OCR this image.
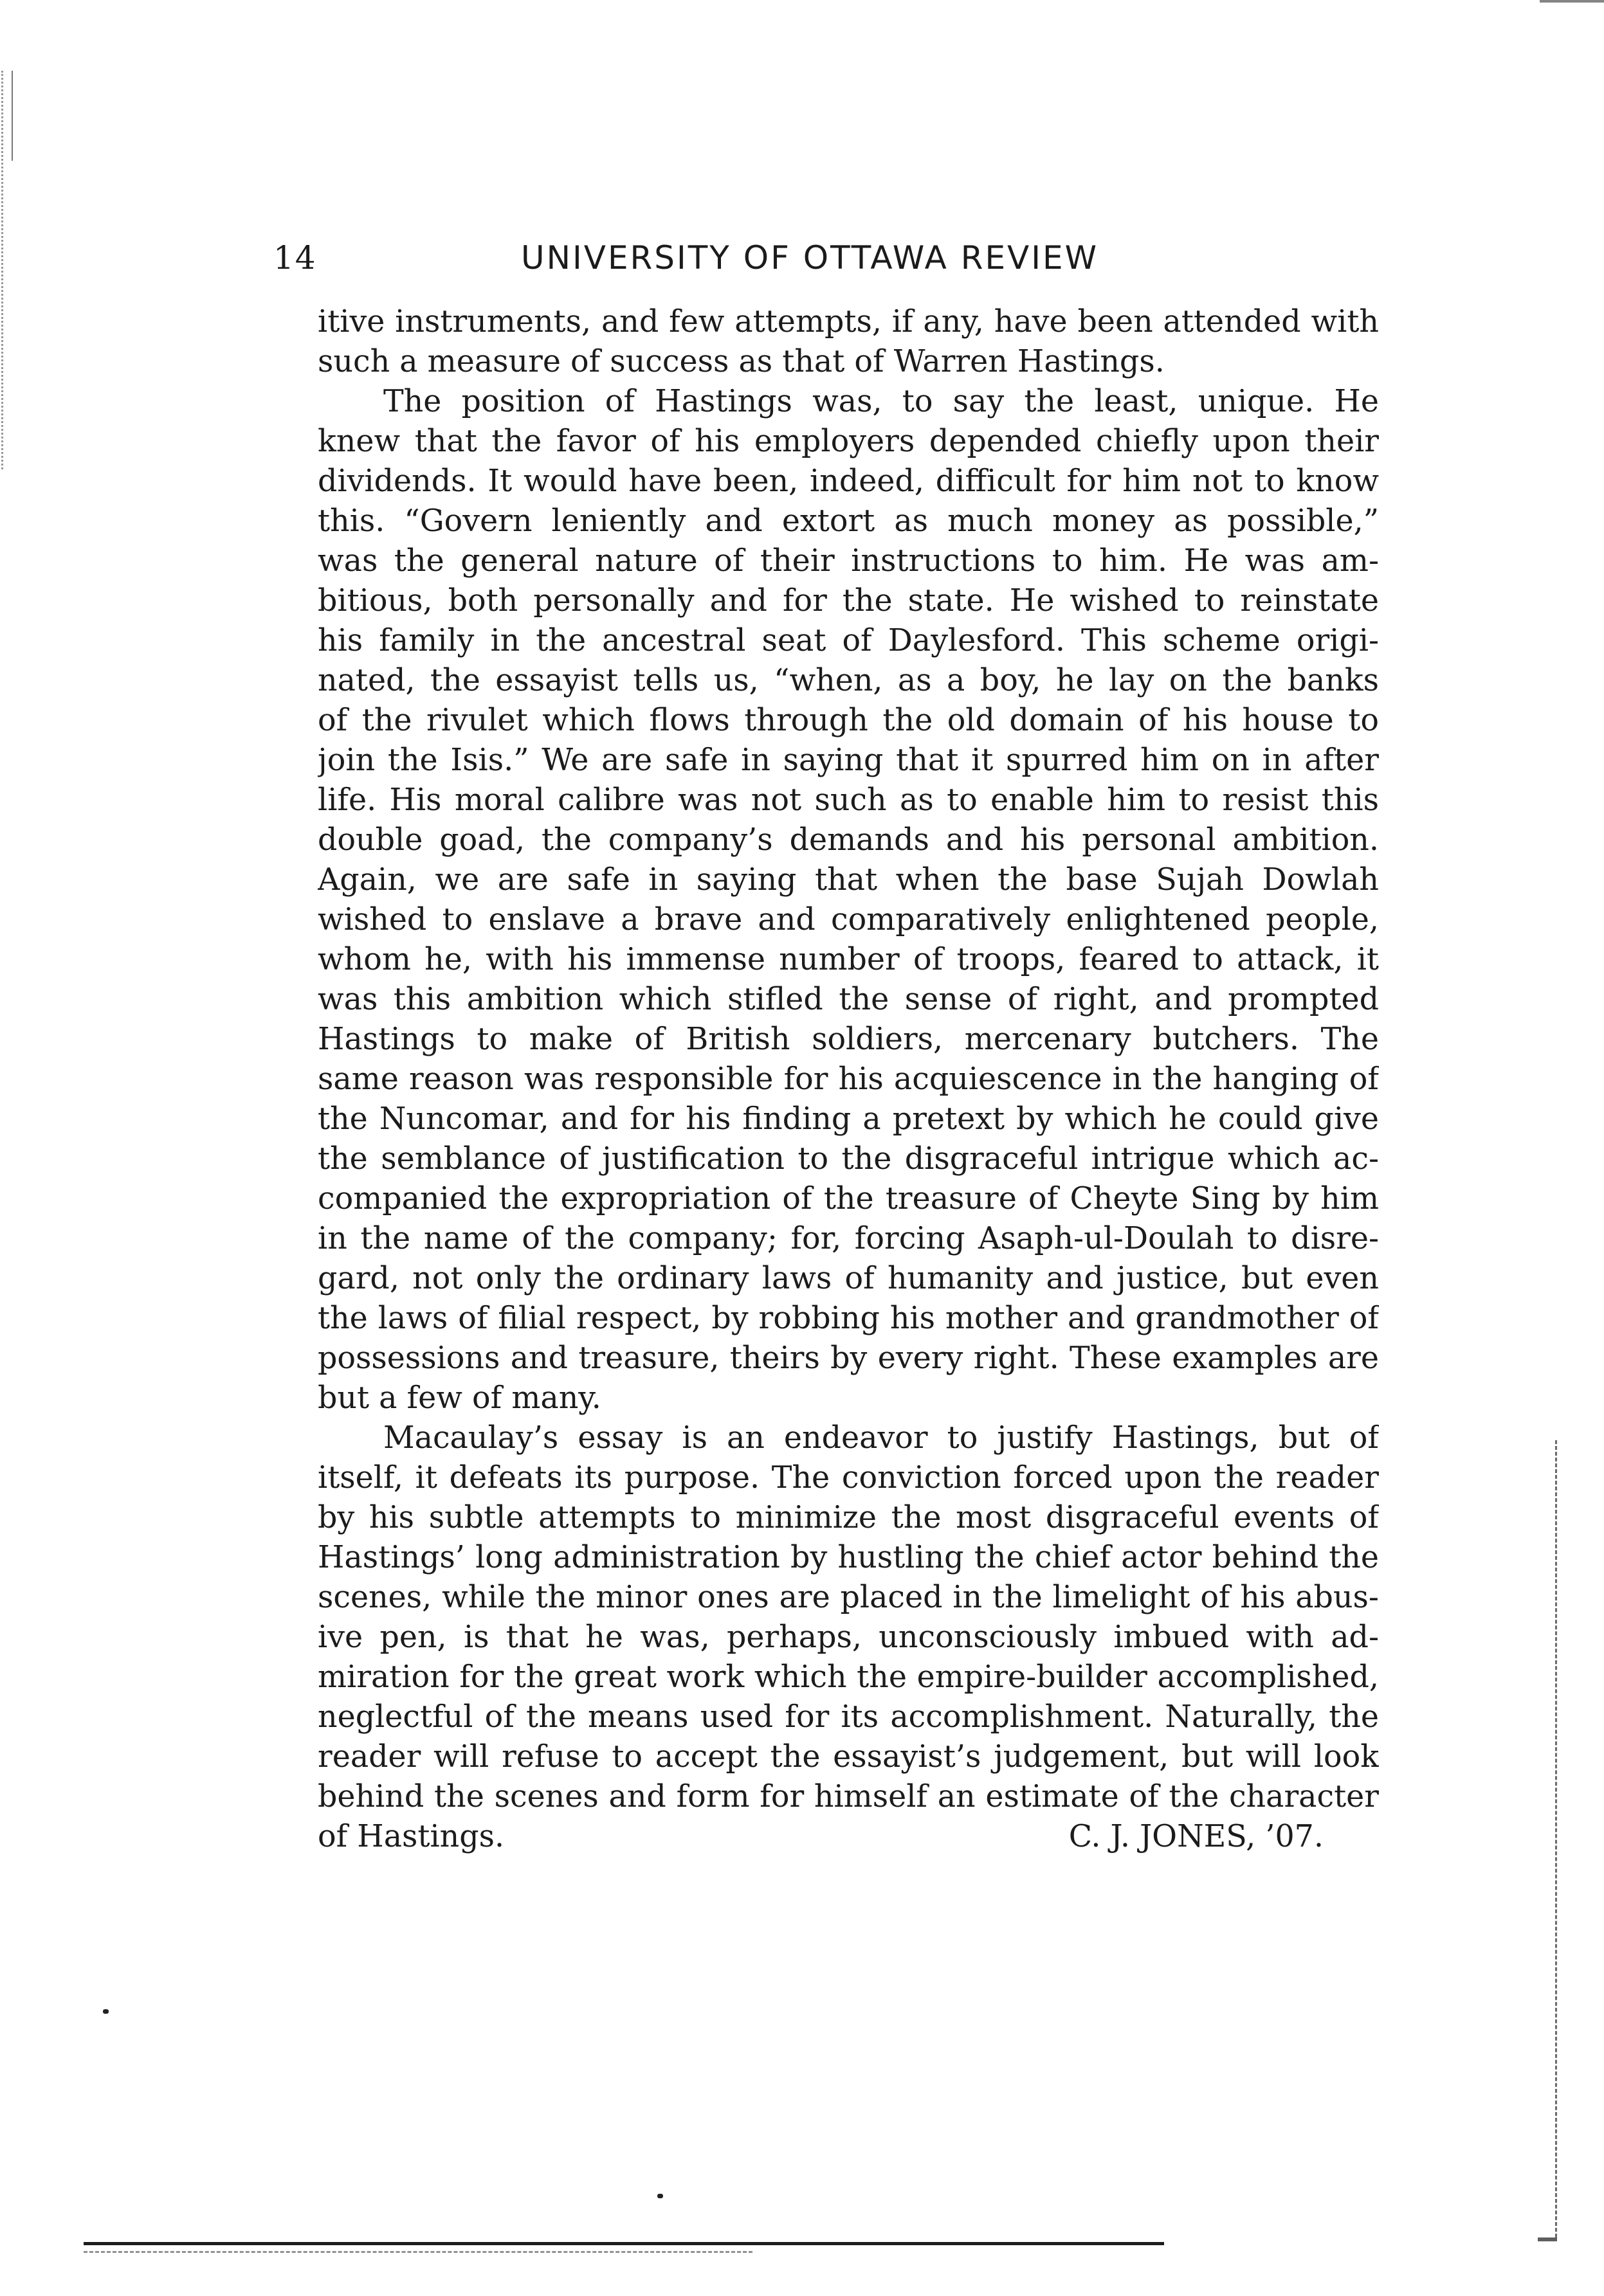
14	UNIVERSITY OF OTTAWA REVIEW
itive instruments, and few attempts, if any, have been attended with
such a measure of success as that of Warren Hastings.
The position of Hastings was, to say the least, unique. He
knew that the favor of his employers depended chiefly upon their
dividends. It would have been, indeed, difficult for him not to know
this. “Govern leniently and extort as much money as possible,”
was the general nature of their instructions to him. He was am-
bitious, both personally and for the state. He wished to reinstate
his family in the ancestral seat of Daylesford. This scheme origi-
nated, the essayist tells us, “when, as a boy, he lay on the banks
of the rivulet which flows through the old domain of his house to
join the Isis.” We are safe in saying that it spurred him on in after
life. His moral calibre was not such as to enable him to resist this
double goad, the company’s demands and his personal ambition.
Again, we are safe in saying that when the base Sujah Dowlah
wished to enslave a brave and comparatively enlightened people,
whom he, with his immense number of troops, feared to attack, it
was this ambition which stifled the sense of right, and prompted
Hastings to make of British soldiers, mercenary butchers. The
same reason was responsible for his acquiescence in the hanging of
the Nuncomar, and for his finding a pretext by which he could give
the semblance of justification to the disgraceful intrigue which ac-
companied the expropriation of the treasure of Cheyte Sing by him
in the name of the company; for, forcing Asaph-ul-Doulah to disre-
gard, not only the ordinary laws of humanity and justice, but even
the laws of filial respect, by robbing his mother and grandmother of
possessions and treasure, theirs by every right. These examples are
but a few of many.
Macaulay’s essay is an endeavor to justify Hastings, but of
itself, it defeats its purpose. The conviction forced upon the reader
by his subtle attempts to minimize the most disgraceful events of
Hastings’ long administration by hustling the chief actor behind the
scenes, while the minor ones are placed in the limelight of his abus-
ive pen, is that he was, perhaps, unconsciously imbued with ad-
miration for the great work which the empire-builder accomplished,
neglectful of the means used for its accomplishment. Naturally, the
reader will refuse to accept the essayist’s judgement, but will look
behind the scenes and form for himself an estimate of the character
of Hastings.	C. J. JONES, ’07.
